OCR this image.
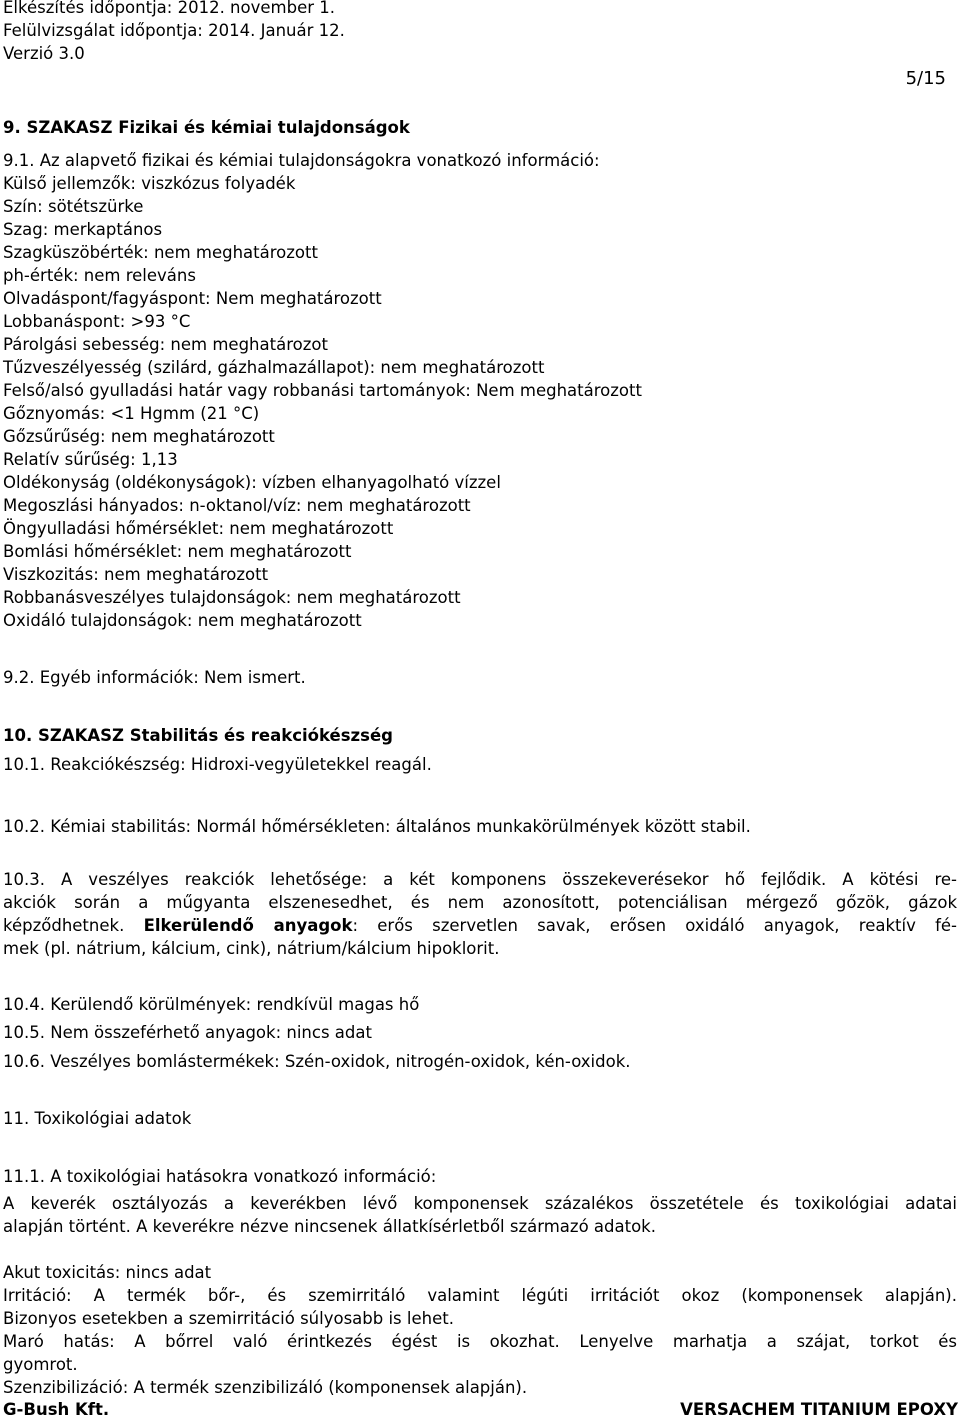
Elkészítés időpontja: 2012. november 1.
Felülvizsgálat időpontja: 2014. Január 12.
Verzió 3.0
5/15
9. SZAKASZ Fizikai és kémiai tulajdonságok
9.1. Az alapvető fizikai és kémiai tulajdonságokra vonatkozó információ:
Külső jellemzők: viszkózus folyadék
Szín: sötétszürke
Szag: merkaptános
Szagküszöbérték: nem meghatározott
ph-érték: nem releváns
Olvadáspont/fagyáspont: Nem meghatározott
Lobbanáspont: >93 °C
Párolgási sebesség: nem meghatározot
Tűzveszélyesség (szilárd, gázhalmazállapot): nem meghatározott
Felső/alsó gyulladási határ vagy robbanási tartományok: Nem meghatározott
Gőznyomás: <1 Hgmm (21 °C)
Gőzsűrűség: nem meghatározott
Relatív sűrűség: 1,13
Oldékonyság (oldékonyságok): vízben elhanyagolható vízzel
Megoszlási hányados: n-oktanol/víz: nem meghatározott
Öngyulladási hőmérséklet: nem meghatározott
Bomlási hőmérséklet: nem meghatározott
Viszkozitás: nem meghatározott
Robbanásveszélyes tulajdonságok: nem meghatározott
Oxidáló tulajdonságok: nem meghatározott
9.2. Egyéb információk: Nem ismert.
10. SZAKASZ Stabilitás és reakciókészség
10.1. Reakciókészség: Hidroxi-vegyületekkel reagál.
10.2. Kémiai stabilitás: Normál hőmérsékleten: általános munkakörülmények között stabil.
10.3. A veszélyes reakciók lehetősége: a két komponens összekeverésekor hő fejlődik. A kötési re-
akciók során a műgyanta elszenesedhet, és nem azonosított, potenciálisan mérgező gőzök, gázok
képződhetnek. Elkerülendő anyagok: erős szervetlen savak, erősen oxidáló anyagok, reaktív fé-
mek (pl. nátrium, kálcium, cink), nátrium/kálcium hipoklorit.
10.4. Kerülendő körülmények: rendkívül magas hő
10.5. Nem összeférhető anyagok: nincs adat
10.6. Veszélyes bomlástermékek: Szén-oxidok, nitrogén-oxidok, kén-oxidok.
11. Toxikológiai adatok
11.1. A toxikológiai hatásokra vonatkozó információ:
A keverék osztályozás a keverékben lévő komponensek százalékos összetétele és toxikológiai adatai
alapján történt. A keverékre nézve nincsenek állatkísérletből származó adatok.
Akut toxicitás: nincs adat
Irritáció: A termék bőr-, és szemirritáló valamint légúti irritációt okoz (komponensek alapján).
Bizonyos esetekben a szemirritáció súlyosabb is lehet.
Maró hatás: A bőrrel való érintkezés égést is okozhat. Lenyelve marhatja a szájat, torkot és
gyomrot.
Szenzibilizáció: A termék szenzibilizáló (komponensek alapján).
G-Bush Kft.	VERSACHEM TITANIUM EPOXY
